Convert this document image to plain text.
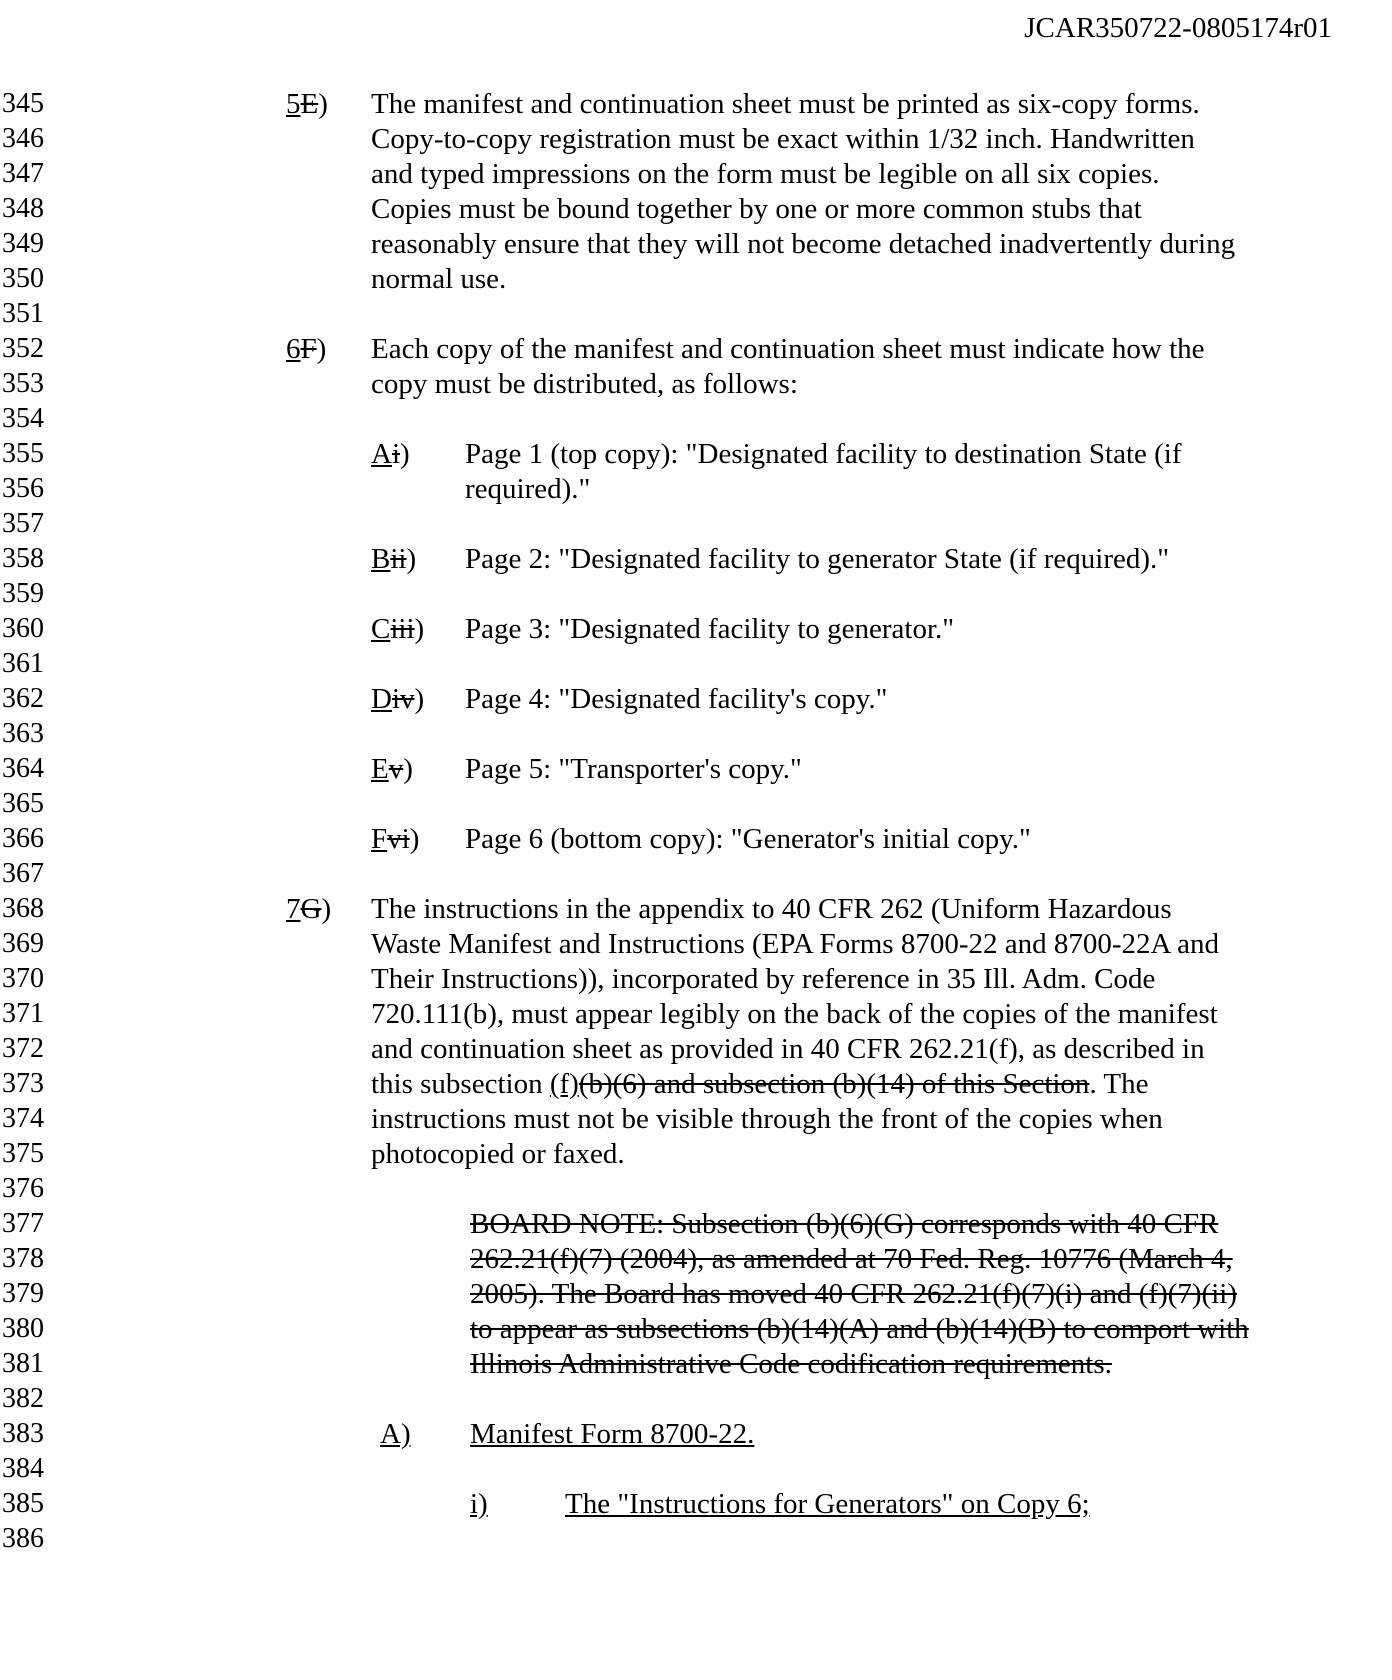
JCAR350722-0805174r01
345
346
347
348
349
350
351
352
353
354
355
356
357
358
359
360
361
362
363
364
365
366
367
368
369
370
371
372
373
374
375
376
377
378
379
380
381
382
383
384
385
386
5E) The manifest and continuation sheet must be printed as six-copy forms.
Copy-to-copy registration must be exact within 1/32 inch. Handwritten
and typed impressions on the form must be legible on all six copies.
Copies must be bound together by one or more common stubs that
reasonably ensure that they will not become detached inadvertently during
normal use.
6F) Each copy of the manifest and continuation sheet must indicate how the
copy must be distributed, as follows:
Ai) Page 1 (top copy): "Designated facility to destination State (if
required)."
Bii) Page 2: "Designated facility to generator State (if required)."
Ciii) Page 3: "Designated facility to generator."
Div) Page 4: "Designated facility's copy."
Ev) Page 5: "Transporter's copy."
Fvi) Page 6 (bottom copy): "Generator's initial copy."
7G) The instructions in the appendix to 40 CFR 262 (Uniform Hazardous
Waste Manifest and Instructions (EPA Forms 8700-22 and 8700-22A and
Their Instructions)), incorporated by reference in 35 Ill. Adm. Code
720.111(b), must appear legibly on the back of the copies of the manifest
and continuation sheet as provided in 40 CFR 262.21(f), as described in
this subsection (f)(b)(6) and subsection (b)(14) of this Section. The
instructions must not be visible through the front of the copies when
photocopied or faxed.
BOARD NOTE: Subsection (b)(6)(G) corresponds with 40 CFR
262.21(f)(7) (2004), as amended at 70 Fed. Reg. 10776 (March 4,
2005). The Board has moved 40 CFR 262.21(f)(7)(i) and (f)(7)(ii)
to appear as subsections (b)(14)(A) and (b)(14)(B) to comport with
Illinois Administrative Code codification requirements.
A) Manifest Form 8700-22.
i)	The "Instructions for Generators" on Copy 6;
